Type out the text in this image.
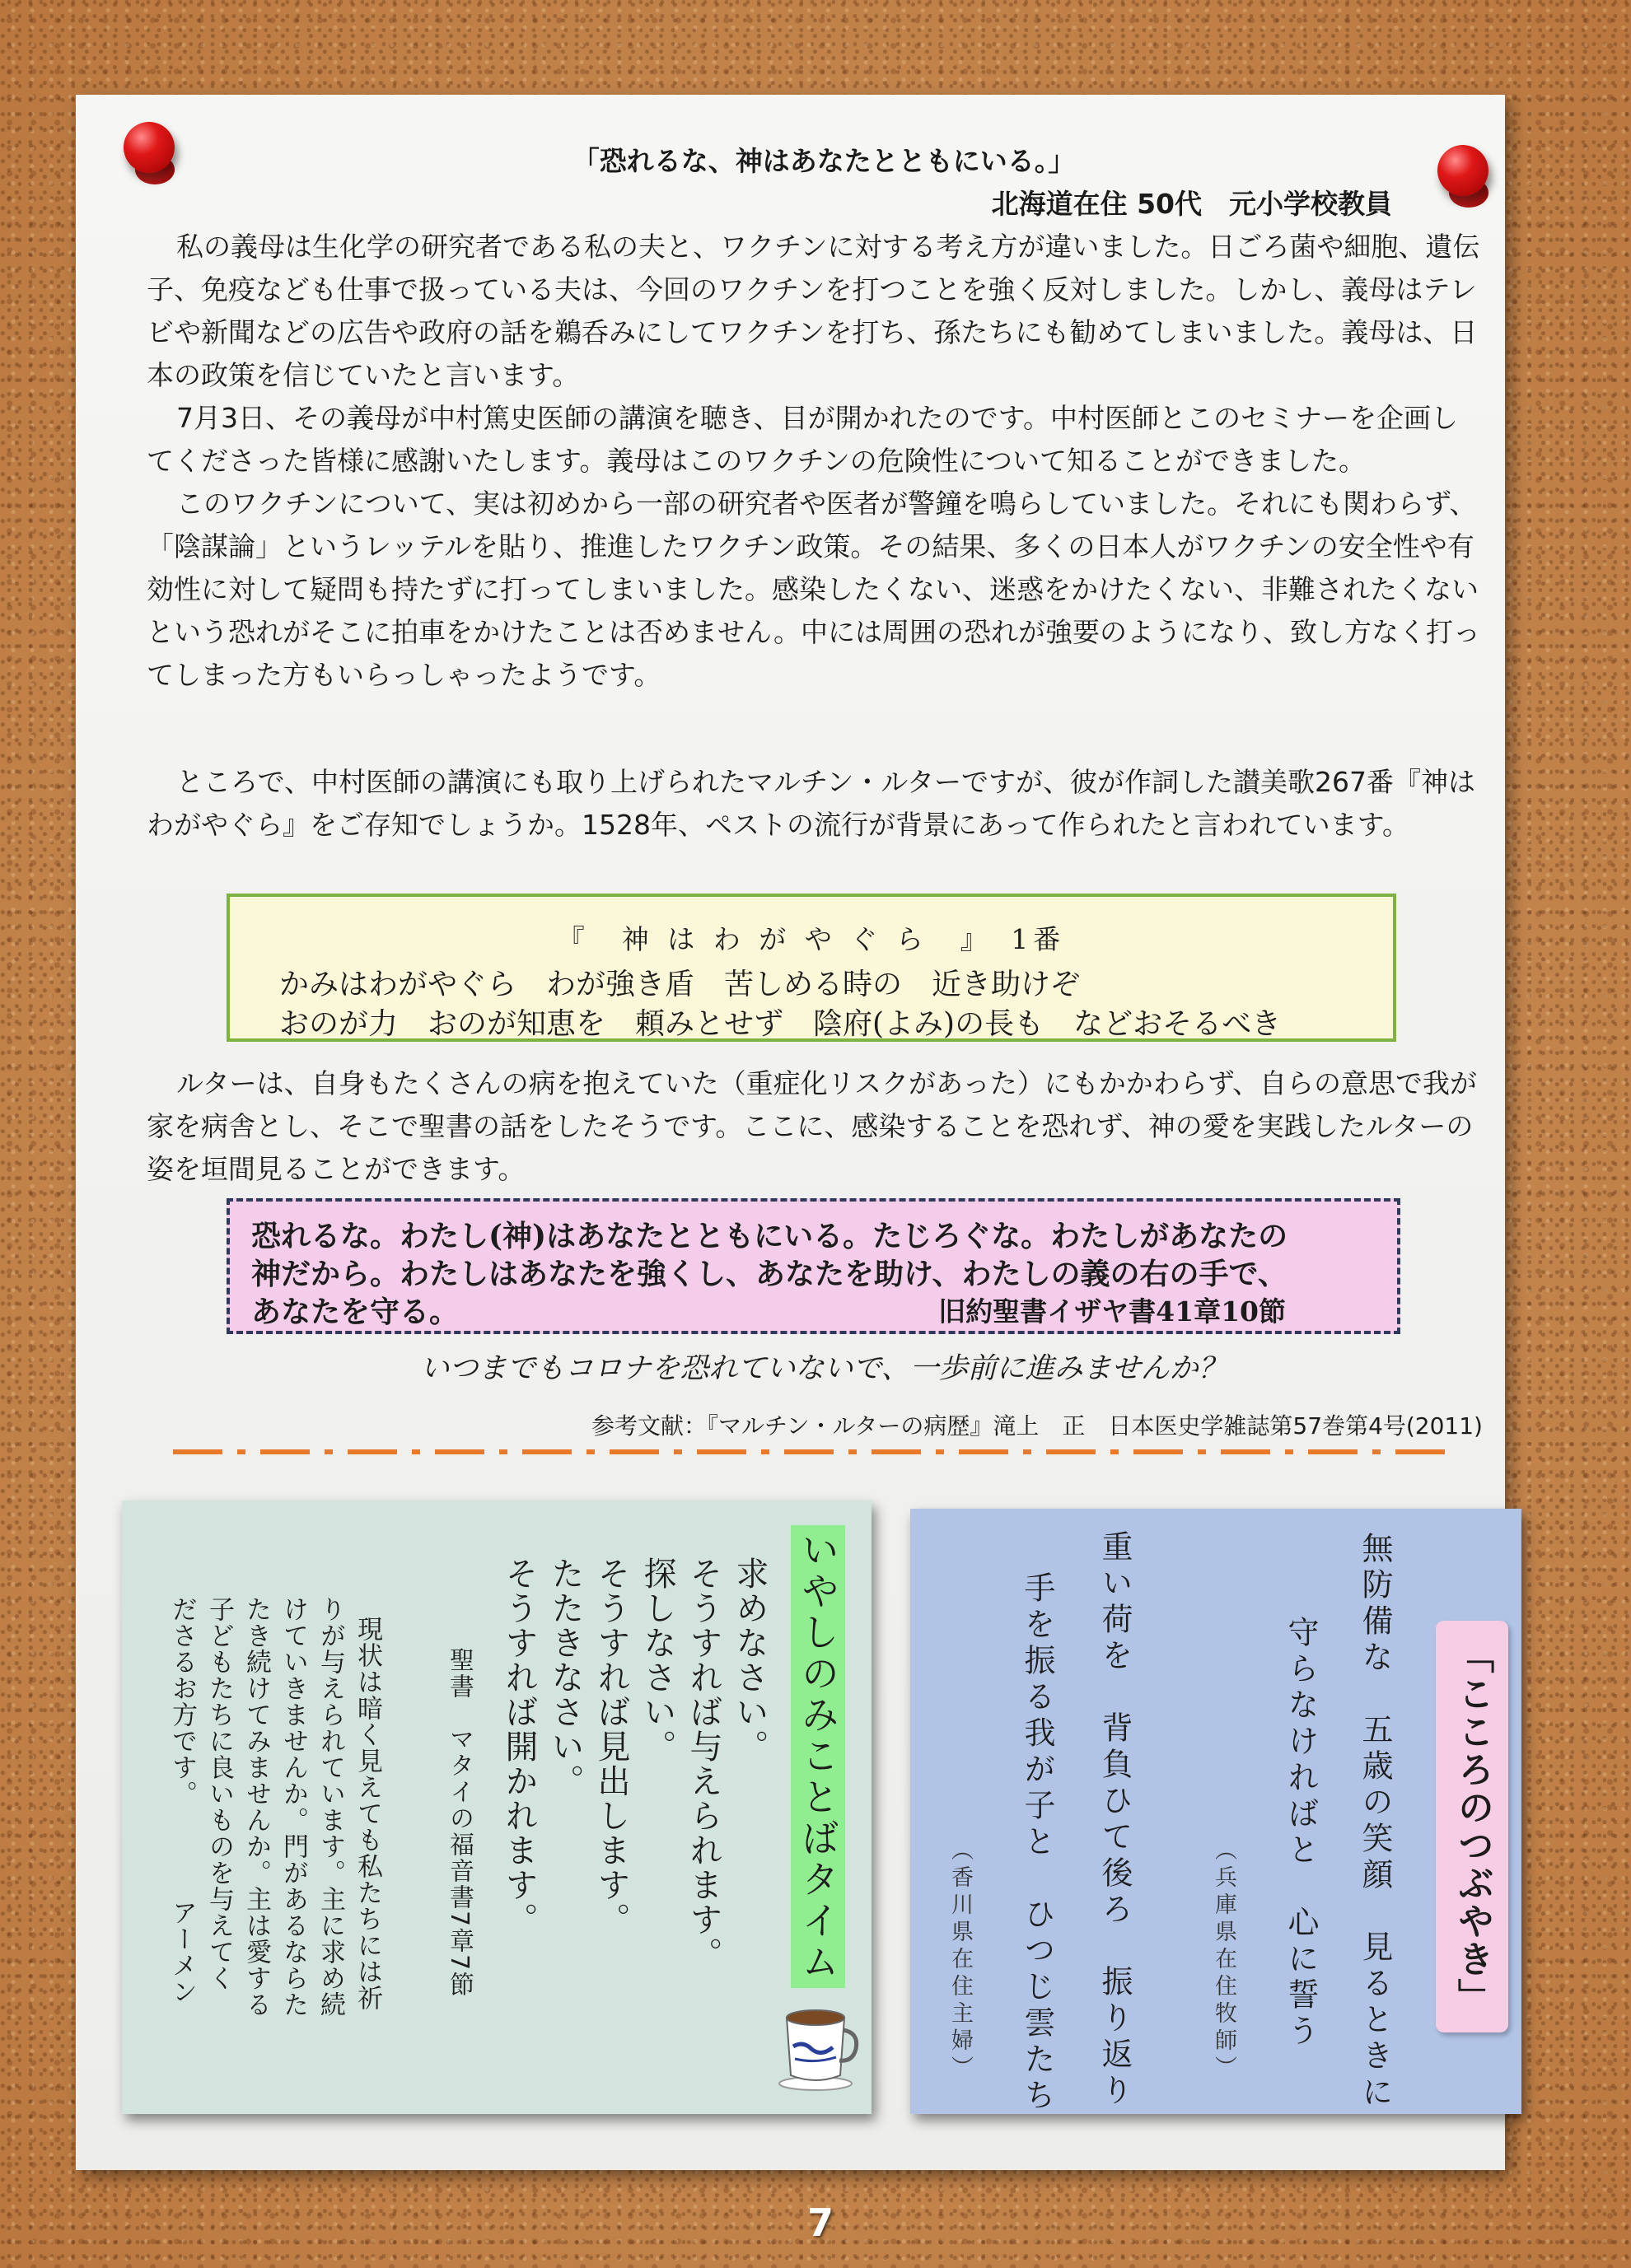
「恐れるな、神はあなたとともにいる。」
北海道在住 50代　元小学校教員

私の義母は生化学の研究者である私の夫と、ワクチンに対する考え方が違いました。日ごろ菌や細胞、遺伝子、免疫なども仕事で扱っている夫は、今回のワクチンを打つことを強く反対しました。しかし、義母はテレビや新聞などの広告や政府の話を鵜呑みにしてワクチンを打ち、孫たちにも勧めてしまいました。義母は、日本の政策を信じていたと言います。

7月3日、その義母が中村篤史医師の講演を聴き、目が開かれたのです。中村医師とこのセミナーを企画してくださった皆様に感謝いたします。義母はこのワクチンの危険性について知ることができました。

このワクチンについて、実は初めから一部の研究者や医者が警鐘を鳴らしていました。それにも関わらず、「陰謀論」というレッテルを貼り、推進したワクチン政策。その結果、多くの日本人がワクチンの安全性や有効性に対して疑問も持たずに打ってしまいました。感染したくない、迷惑をかけたくない、非難されたくないという恐れがそこに拍車をかけたことは否めません。中には周囲の恐れが強要のようになり、致し方なく打ってしまった方もいらっしゃったようです。

ところで、中村医師の講演にも取り上げられたマルチン・ルターですが、彼が作詞した讃美歌267番『神はわがやぐら』をご存知でしょうか。1528年、ペストの流行が背景にあって作られたと言われています。

『　神 は わ が や ぐ ら　』　1番
かみはわがやぐら　わが強き盾　苦しめる時の　近き助けぞ
おのが力　おのが知恵を　頼みとせず　陰府(よみ)の長も　などおそるべき

ルターは、自身もたくさんの病を抱えていた（重症化リスクがあった）にもかかわらず、自らの意思で我が家を病舎とし、そこで聖書の話をしたそうです。ここに、感染することを恐れず、神の愛を実践したルターの姿を垣間見ることができます。

恐れるな。わたし(神)はあなたとともにいる。たじろぐな。わたしがあなたの
神だから。わたしはあなたを強くし、あなたを助け、わたしの義の右の手で、
あなたを守る。	旧約聖書イザヤ書41章10節
いつまでもコロナを恐れていないで、一歩前に進みませんか？
参考文献：『マルチン・ルターの病歴』滝上　正　日本医史学雑誌第57巻第4号(2011)
いやしのみことばタイム
求めなさい。
そうすれば与えられます。
探しなさい。
そうすれば見出します。
たたきなさい。
そうすれば開かれます。
聖書　マタイの福音書7章7節
現状は暗く見えても私たちには祈
りが与えられています。主に求め続
けていきませんか。門があるならた
たき続けてみませんか。主は愛する
子どもたちに良いものを与えてく
ださるお方です。　　　　アーメン	「こころのつぶやき」
無防備な　五歳の笑顔　見るときに
守らなければと　心に誓う
（兵庫県在住牧師）
重い荷を　背負ひて後ろ　振り返り
手を振る我が子と　ひつじ雲たち
（香川県在住主婦）
7
